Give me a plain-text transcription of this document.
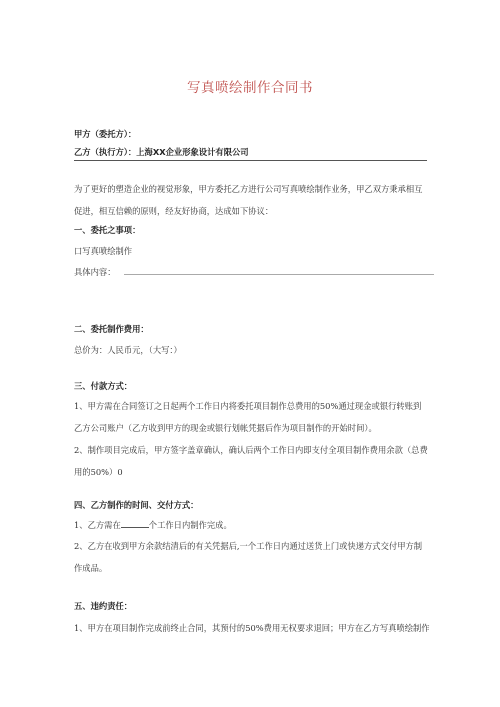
写真喷绘制作合同书
甲方（委托方）：
乙方（执行方）：上海XX企业形象设计有限公司
为了更好的塑造企业的视觉形象，甲方委托乙方进行公司写真喷绘制作业务，甲乙双方秉承相互促进，相互信赖的原则，经友好协商，达成如下协议：
一、委托之事项：
口写真喷绘制作
具体内容：
二、委托制作费用：
总价为：人民币元，（大写：）
三、付款方式：
1、甲方需在合同签订之日起两个工作日内将委托项目制作总费用的50%通过现金或银行转账到乙方公司账户（乙方收到甲方的现金或银行划帐凭据后作为项目制作的开始时间）。
2、制作项目完成后，甲方签字盖章确认，确认后两个工作日内即支付全项目制作费用余款（总费用的50%）0
四、乙方制作的时间、交付方式：
1、乙方需在	个工作日内制作完成。
2、乙方在收到甲方余款结清后的有关凭据后,一个工作日内通过送货上门或快递方式交付甲方制作成品。
五、违约责任：
1、甲方在项目制作完成前终止合同，其预付的50%费用无权要求退回；甲方在乙方写真喷绘制作
